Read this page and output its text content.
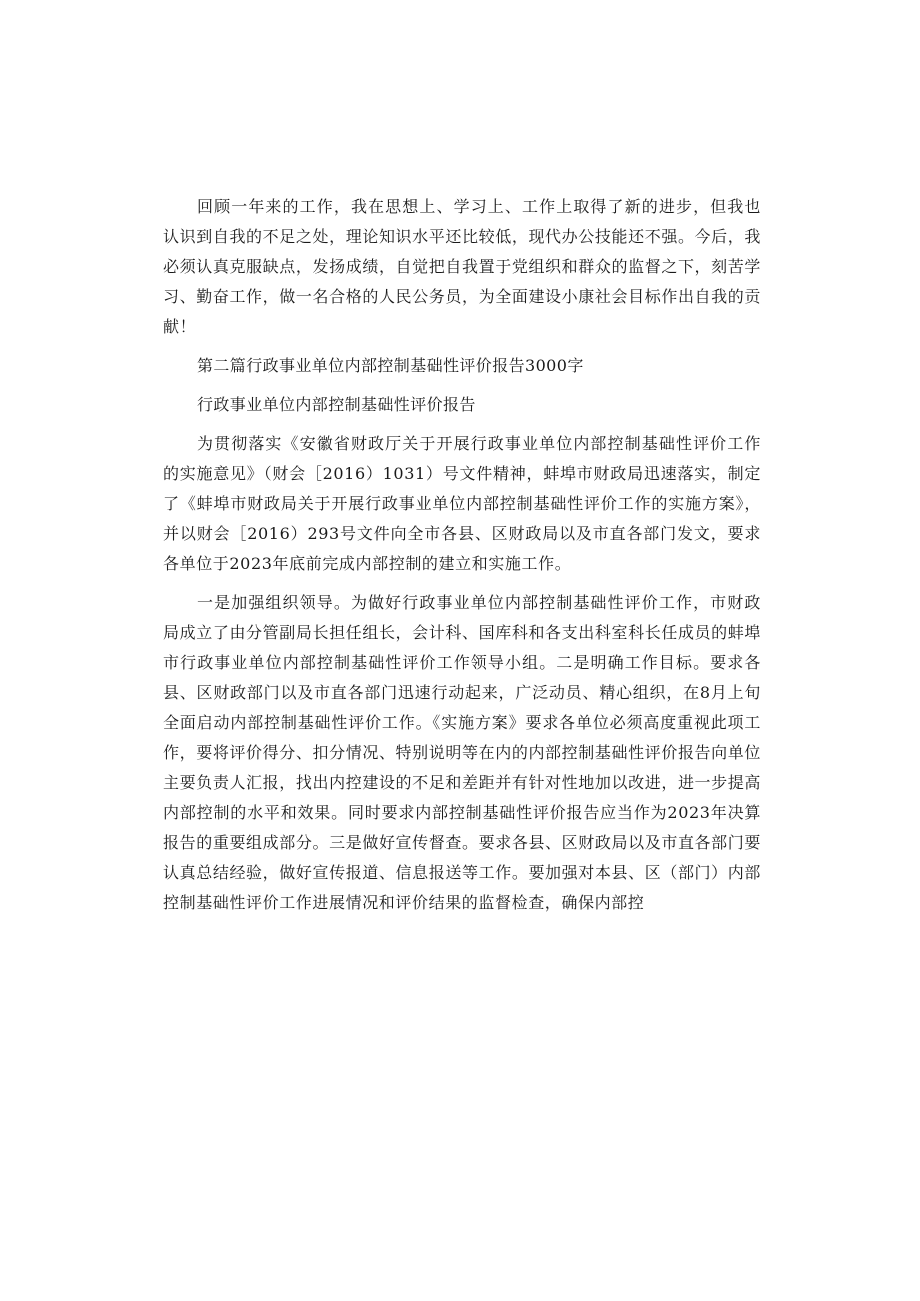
回顾一年来的工作，我在思想上、学习上、工作上取得了新的进步，但我也认识到自我的不足之处，理论知识水平还比较低，现代办公技能还不强。今后，我必须认真克服缺点，发扬成绩，自觉把自我置于党组织和群众的监督之下，刻苦学习、勤奋工作，做一名合格的人民公务员，为全面建设小康社会目标作出自我的贡献！

第二篇行政事业单位内部控制基础性评价报告3000字

行政事业单位内部控制基础性评价报告

为贯彻落实《安徽省财政厅关于开展行政事业单位内部控制基础性评价工作的实施意见》（财会［2016）1031）号文件精神，蚌埠市财政局迅速落实，制定了《蚌埠市财政局关于开展行政事业单位内部控制基础性评价工作的实施方案》，并以财会［2016）293号文件向全市各县、区财政局以及市直各部门发文，要求各单位于2023年底前完成内部控制的建立和实施工作。

一是加强组织领导。为做好行政事业单位内部控制基础性评价工作，市财政局成立了由分管副局长担任组长，会计科、国库科和各支出科室科长任成员的蚌埠市行政事业单位内部控制基础性评价工作领导小组。二是明确工作目标。要求各县、区财政部门以及市直各部门迅速行动起来，广泛动员、精心组织，在8月上旬全面启动内部控制基础性评价工作。《实施方案》要求各单位必须高度重视此项工作，要将评价得分、扣分情况、特别说明等在内的内部控制基础性评价报告向单位主要负责人汇报，找出内控建设的不足和差距并有针对性地加以改进，进一步提高内部控制的水平和效果。同时要求内部控制基础性评价报告应当作为2023年决算报告的重要组成部分。三是做好宣传督查。要求各县、区财政局以及市直各部门要认真总结经验，做好宣传报道、信息报送等工作。要加强对本县、区（部门）内部控制基础性评价工作进展情况和评价结果的监督检查，确保内部控
